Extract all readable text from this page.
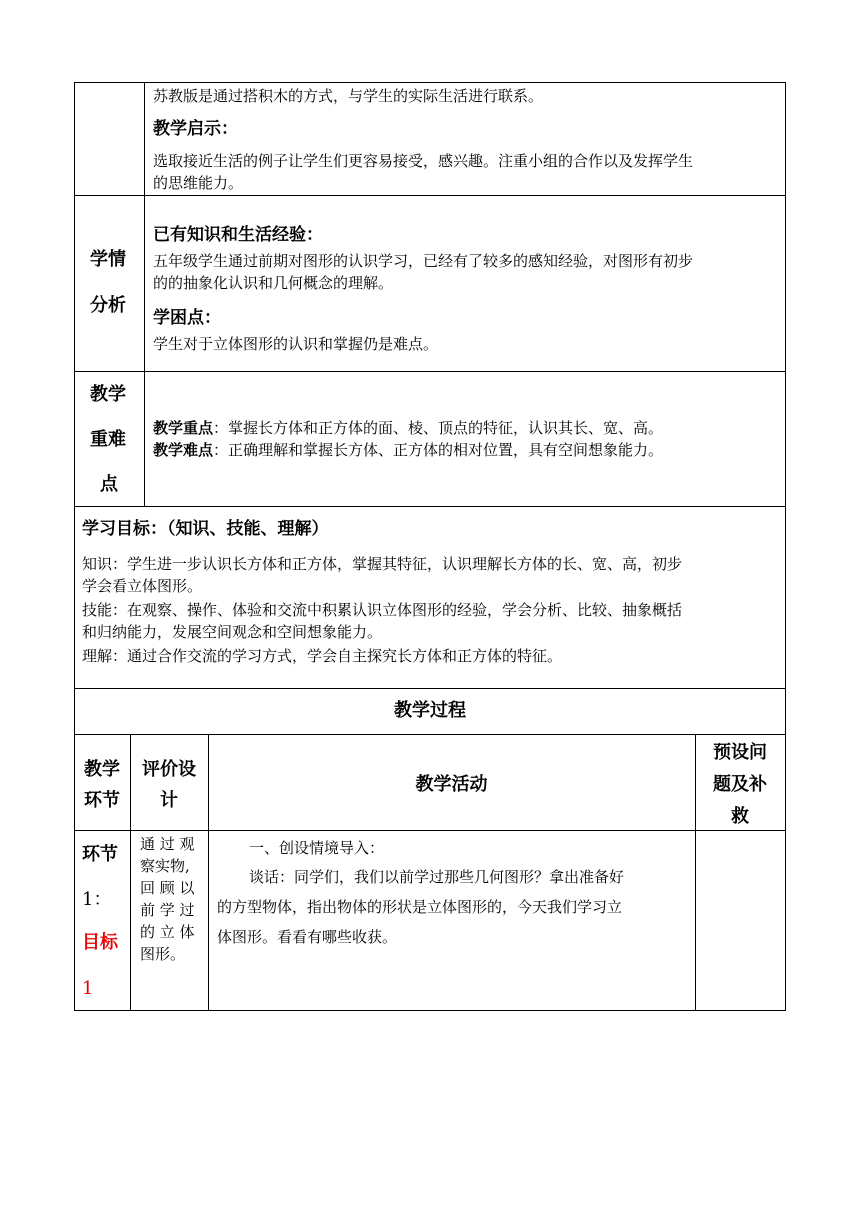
苏教版是通过搭积木的方式，与学生的实际生活进行联系。
教学启示：
选取接近生活的例子让学生们更容易接受，感兴趣。注重小组的合作以及发挥学生
的思维能力。
学情
分析
已有知识和生活经验：
五年级学生通过前期对图形的认识学习，已经有了较多的感知经验，对图形有初步
的的抽象化认识和几何概念的理解。
学困点：
学生对于立体图形的认识和掌握仍是难点。
教学
重难
点
教学重点：掌握长方体和正方体的面、棱、顶点的特征，认识其长、宽、高。
教学难点：正确理解和掌握长方体、正方体的相对位置，具有空间想象能力。
学习目标：（知识、技能、理解）
知识：学生进一步认识长方体和正方体，掌握其特征，认识理解长方体的长、宽、高，初步
学会看立体图形。
技能：在观察、操作、体验和交流中积累认识立体图形的经验，学会分析、比较、抽象概括
和归纳能力，发展空间观念和空间想象能力。
理解：通过合作交流的学习方式，学会自主探究长方体和正方体的特征。
教学过程
教学
环节
评价设
计
教学活动
预设问
题及补
救
环节
1：
目标
1
通 过 观
察实物,
回 顾 以
前 学 过
的 立 体
图形。
一、创设情境导入：
谈话：同学们，我们以前学过那些几何图形？拿出准备好
的方型物体，指出物体的形状是立体图形的，今天我们学习立
体图形。看看有哪些收获。
